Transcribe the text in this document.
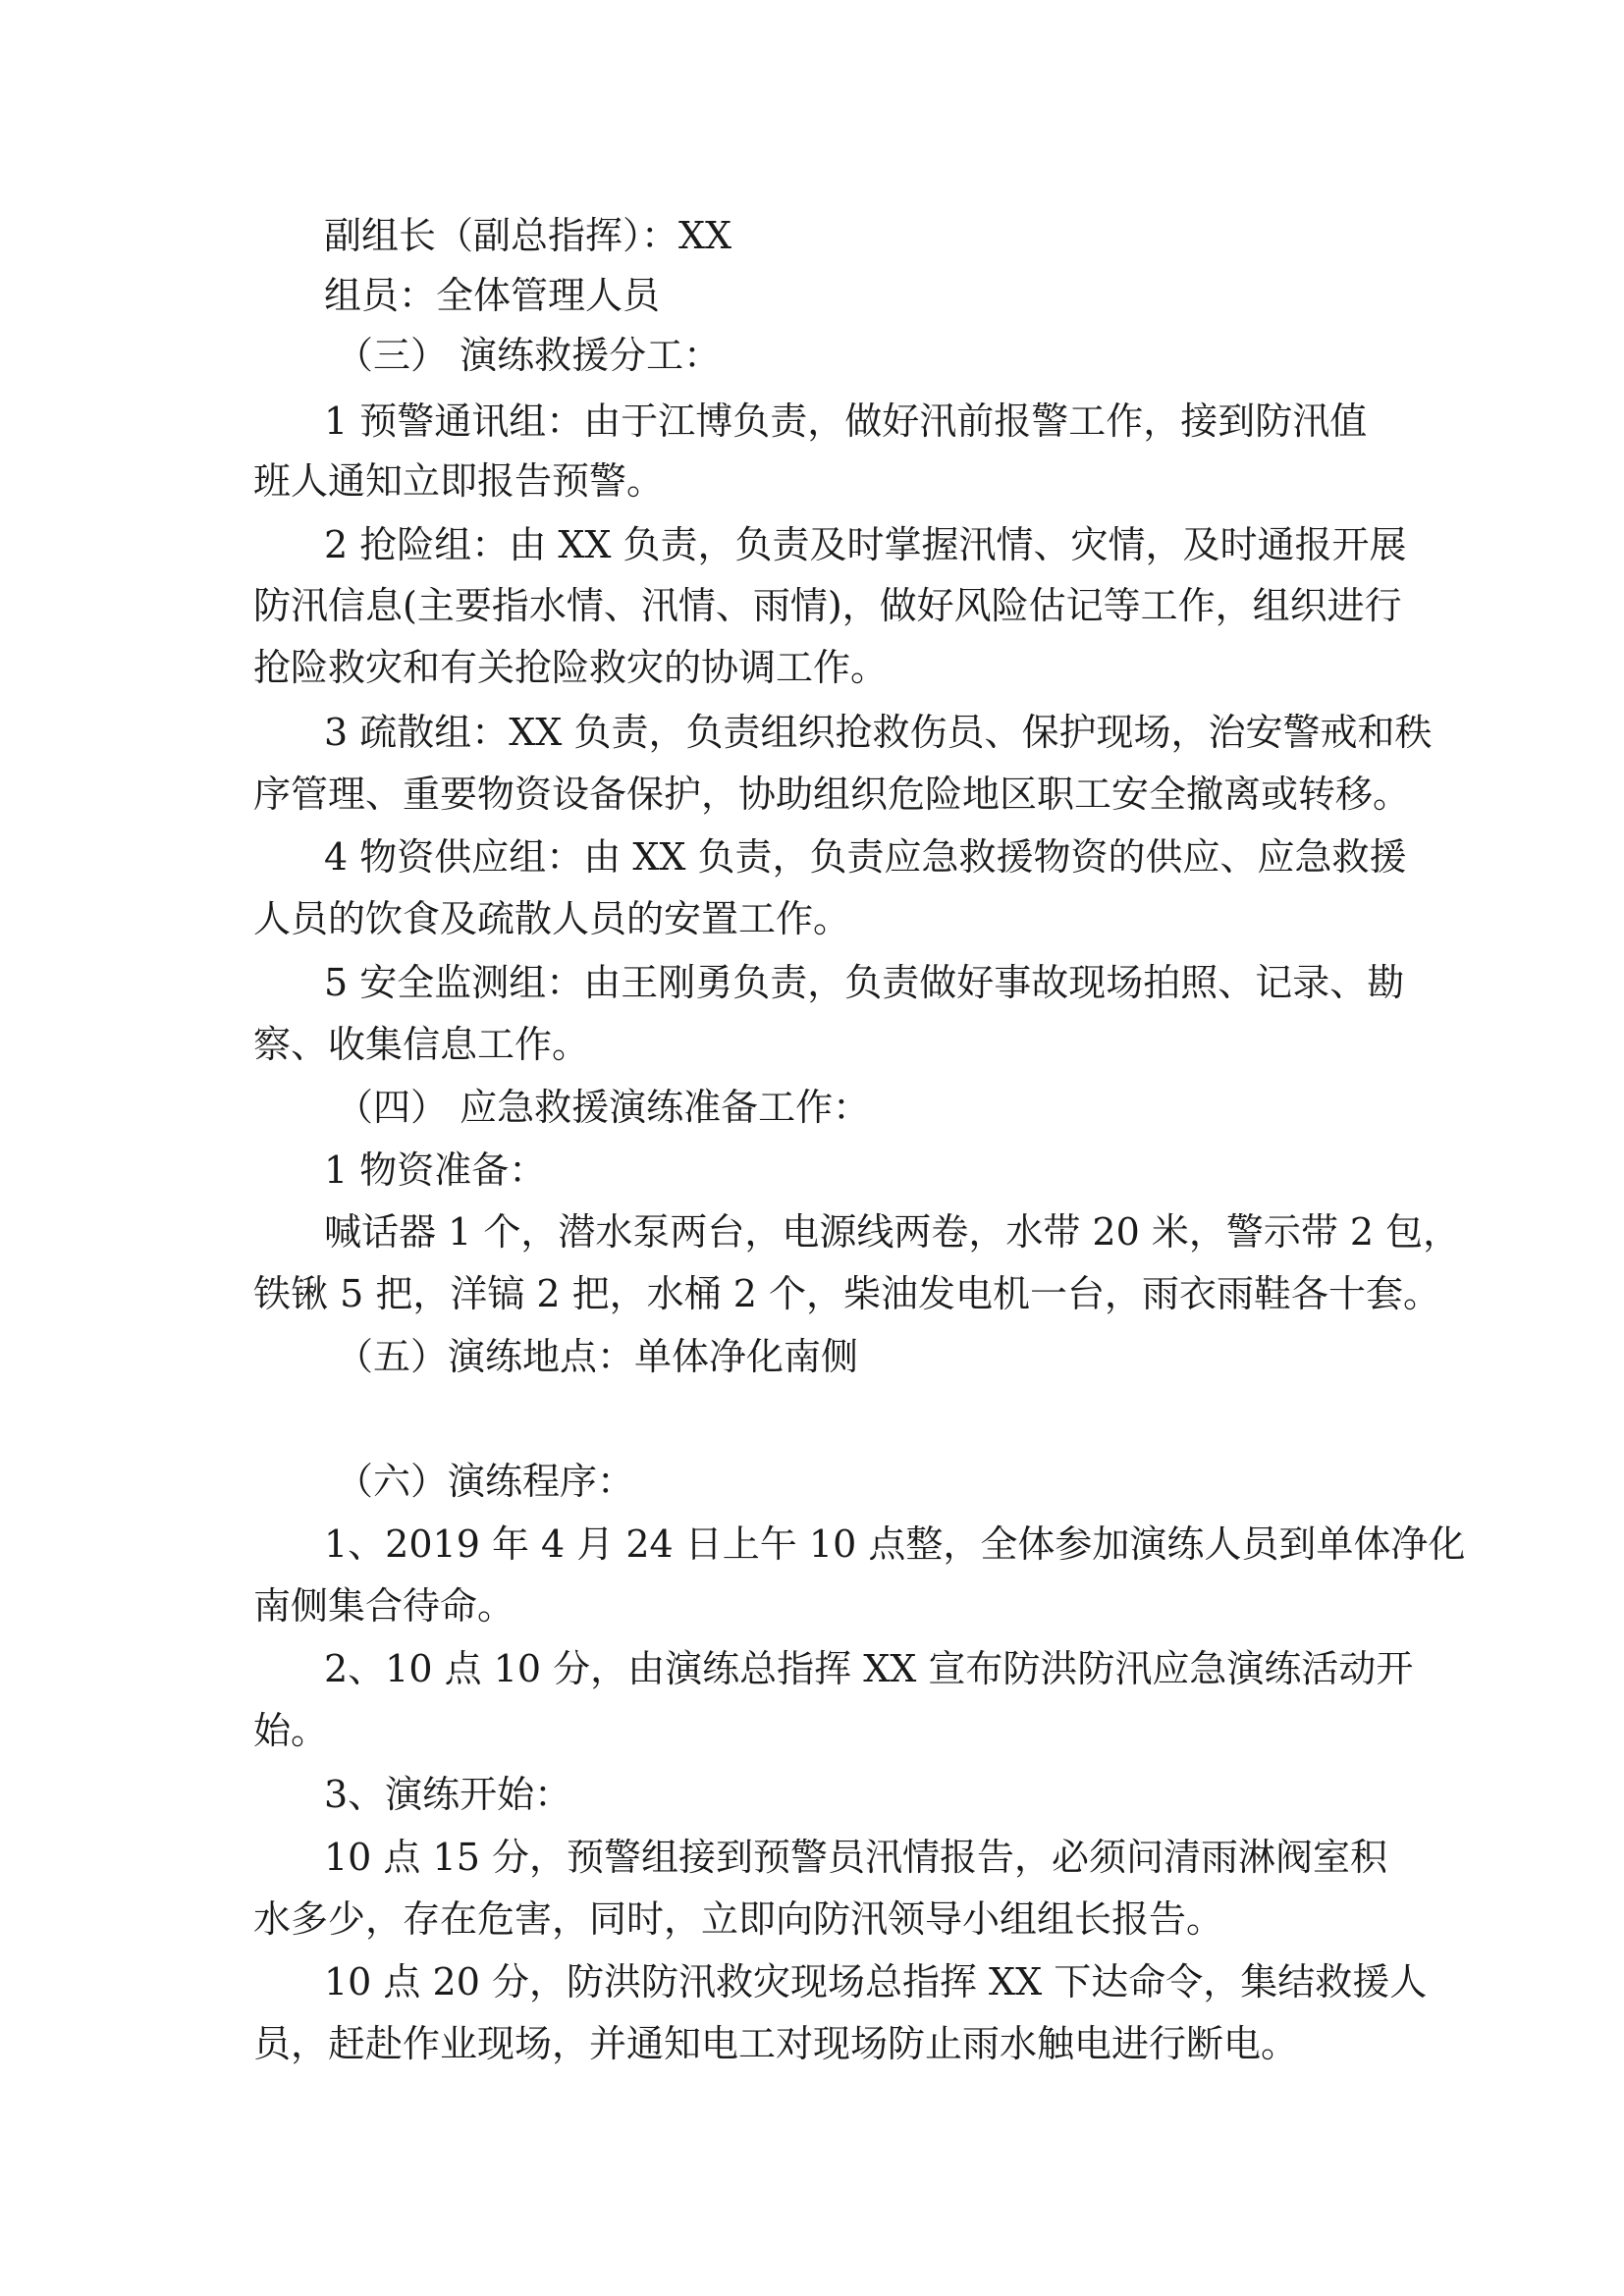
副组长（副总指挥）：XX
组员：全体管理人员
（三） 演练救援分工：
1 预警通讯组：由于江博负责，做好汛前报警工作，接到防汛值
班人通知立即报告预警。
2 抢险组：由 XX 负责，负责及时掌握汛情、灾情，及时通报开展
防汛信息(主要指水情、汛情、雨情)，做好风险估记等工作，组织进行
抢险救灾和有关抢险救灾的协调工作。
3 疏散组：XX 负责，负责组织抢救伤员、保护现场，治安警戒和秩
序管理、重要物资设备保护，协助组织危险地区职工安全撤离或转移。
4 物资供应组：由 XX 负责，负责应急救援物资的供应、应急救援
人员的饮食及疏散人员的安置工作。
5 安全监测组：由王刚勇负责，负责做好事故现场拍照、记录、勘
察、收集信息工作。
（四） 应急救援演练准备工作：
1 物资准备：
喊话器 1 个，潜水泵两台，电源线两卷，水带 20 米，警示带 2 包，
铁锹 5 把，洋镐 2 把，水桶 2 个，柴油发电机一台，雨衣雨鞋各十套。
（五）演练地点：单体净化南侧
（六）演练程序：
1、2019 年 4 月 24 日上午 10 点整，全体参加演练人员到单体净化
南侧集合待命。
2、10 点 10 分，由演练总指挥 XX 宣布防洪防汛应急演练活动开
始。
3、演练开始：
10 点 15 分，预警组接到预警员汛情报告，必须问清雨淋阀室积
水多少，存在危害，同时，立即向防汛领导小组组长报告。
10 点 20 分，防洪防汛救灾现场总指挥 XX 下达命令，集结救援人
员，赶赴作业现场，并通知电工对现场防止雨水触电进行断电。
